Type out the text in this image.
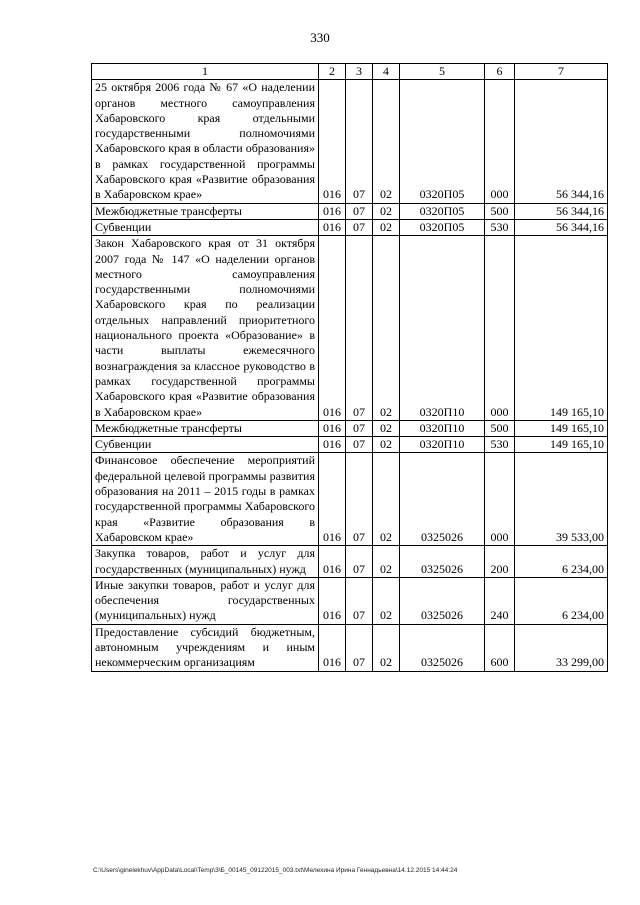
330
1	2	3	4	5	6	7
25 октября 2006 года № 67 «О наделении органов местного самоуправления Хабаровского края отдельными государственными полномочиями Хабаровского края в области образования» в рамках государственной программы Хабаровского края «Развитие образования в Хабаровском крае»	016	07	02	0320П05	000	56 344,16
Межбюджетные трансферты	016	07	02	0320П05	500	56 344,16
Субвенции	016	07	02	0320П05	530	56 344,16
Закон Хабаровского края от 31 октября 2007 года № 147 «О наделении органов местного самоуправления государственными полномочиями Хабаровского края по реализации отдельных направлений приоритетного национального проекта «Образование» в части выплаты ежемесячного вознаграждения за классное руководство в рамках государственной программы Хабаровского края «Развитие образования в Хабаровском крае»	016	07	02	0320П10	000	149 165,10
Межбюджетные трансферты	016	07	02	0320П10	500	149 165,10
Субвенции	016	07	02	0320П10	530	149 165,10
Финансовое обеспечение мероприятий федеральной целевой программы развития образования на 2011 – 2015 годы в рамках государственной программы Хабаровского края «Развитие образования в Хабаровском крае»	016	07	02	0325026	000	39 533,00
Закупка товаров, работ и услуг для государственных (муниципальных) нужд	016	07	02	0325026	200	6 234,00
Иные закупки товаров, работ и услуг для обеспечения государственных (муниципальных) нужд	016	07	02	0325026	240	6 234,00
Предоставление субсидий бюджетным, автономным учреждениям и иным некоммерческим организациям	016	07	02	0325026	600	33 299,00
C:\Users\ginelekhuv\AppData\Local\Temp\3\Б_00145_09122015_003.txt\Мелехина Ирина Геннадьевна\14.12.2015 14:44:24
